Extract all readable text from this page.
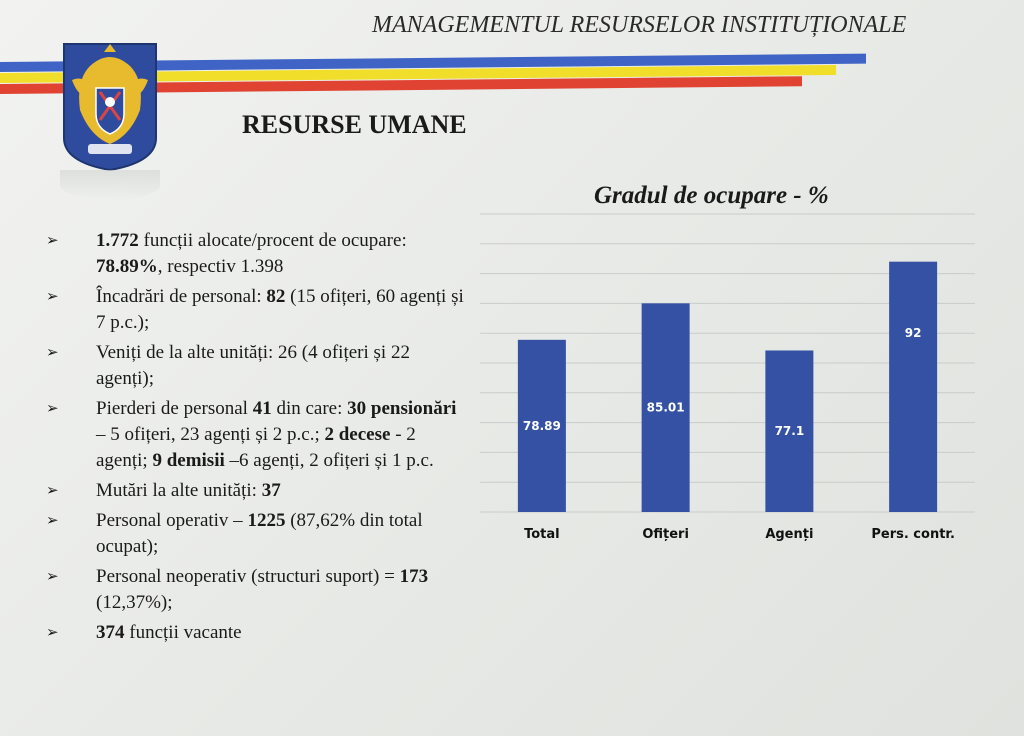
MANAGEMENTUL RESURSELOR INSTITUȚIONALE
RESURSE UMANE
➢ 1.772 funcții alocate/procent de ocupare: 78.89%, respectiv 1.398
➢ Încadrări de personal: 82 (15 ofițeri, 60 agenți și 7 p.c.);
➢ Veniți de la alte unități: 26 (4 ofițeri și 22 agenți);
➢ Pierderi de personal 41 din care: 30 pensionări – 5 ofițeri, 23 agenți și 2 p.c.; 2 decese - 2 agenți; 9 demisii –6 agenți, 2 ofițeri și 1 p.c.
➢ Mutări la alte unități: 37
➢ Personal operativ – 1225 (87,62% din total ocupat);
➢ Personal neoperativ (structuri suport) = 173 (12,37%);
➢ 374 funcții vacante
Gradul de ocupare - %
78.89
Total
85.01
Ofițeri
77.1
Agenți
92
Pers. contr.
